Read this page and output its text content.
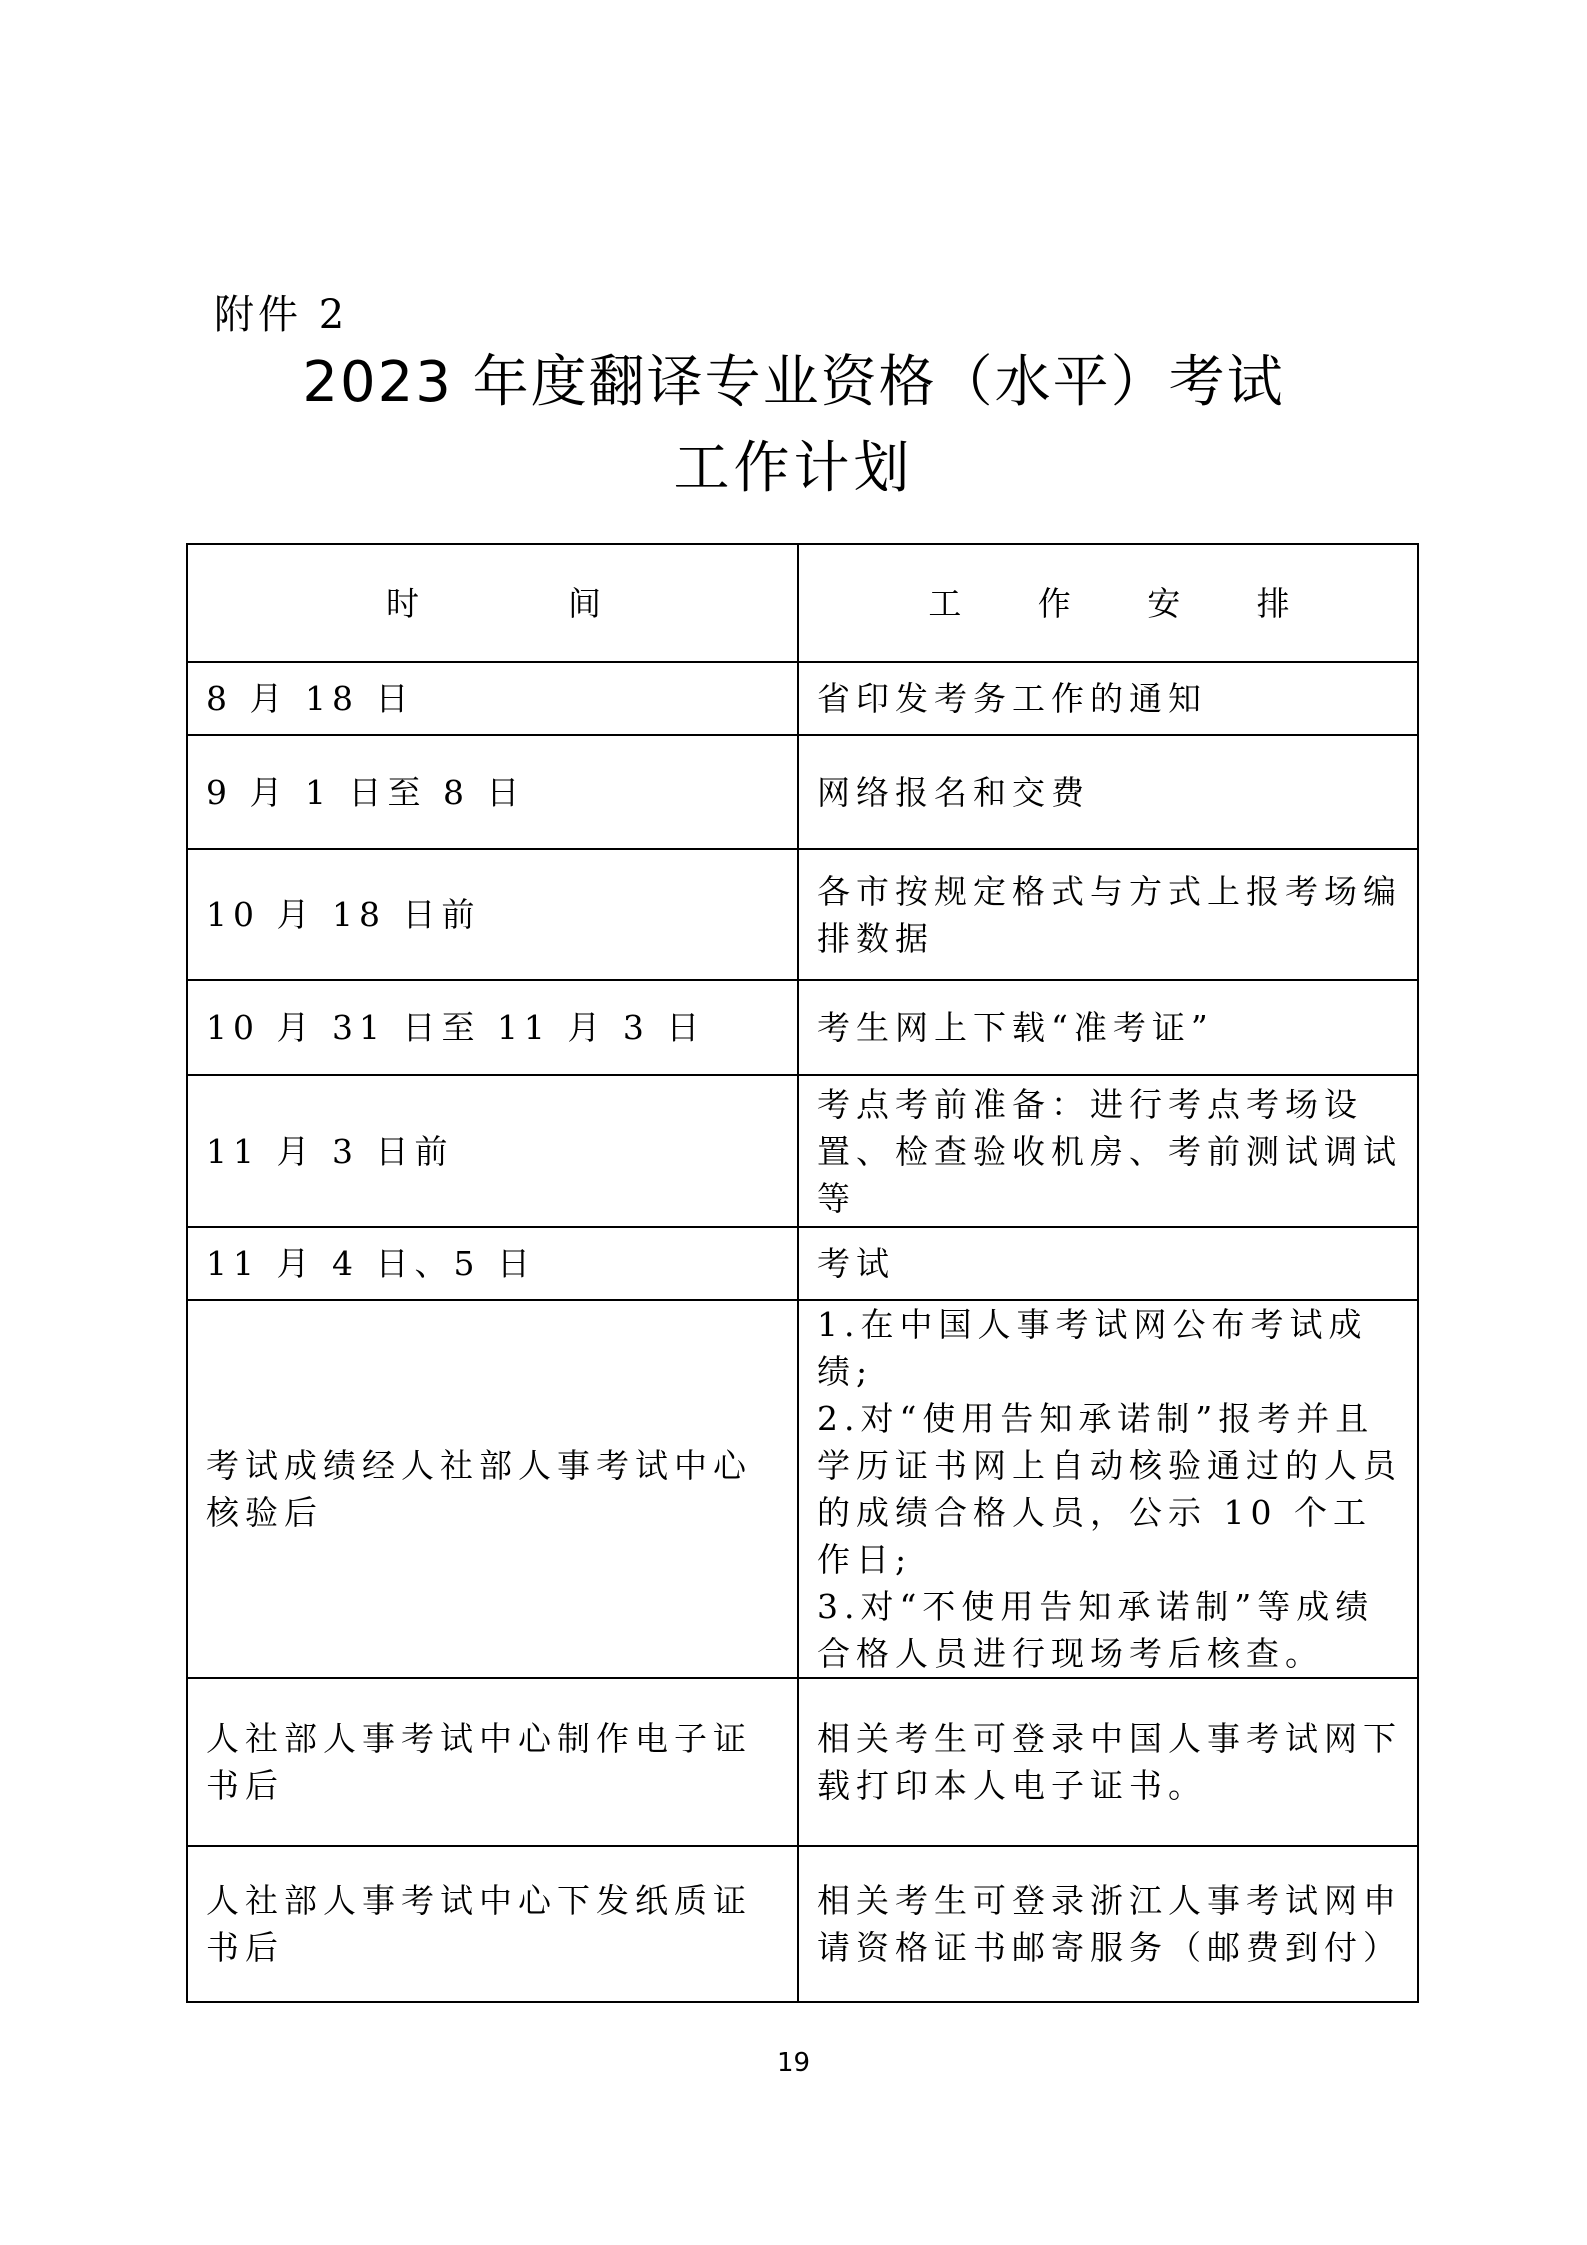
附件 2
2023 年度翻译专业资格（水平）考试
工作计划
时          间	工     作     安     排
8 月 18 日	省印发考务工作的通知
9 月 1 日至 8 日	网络报名和交费
10 月 18 日前	各市按规定格式与方式上报考场编排数据
10 月 31 日至 11 月 3 日	考生网上下载“准考证”
11 月 3 日前	考点考前准备：进行考点考场设置、检查验收机房、考前测试调试等
11 月 4 日、5 日	考试
考试成绩经人社部人事考试中心核验后	1.在中国人事考试网公布考试成绩;
2.对“使用告知承诺制”报考并且学历证书网上自动核验通过的人员的成绩合格人员，公示 10 个工作日;
3.对“不使用告知承诺制”等成绩合格人员进行现场考后核查。

人社部人事考试中心制作电子证书后	相关考生可登录中国人事考试网下载打印本人电子证书。
人社部人事考试中心下发纸质证书后	相关考生可登录浙江人事考试网申请资格证书邮寄服务（邮费到付）
19
